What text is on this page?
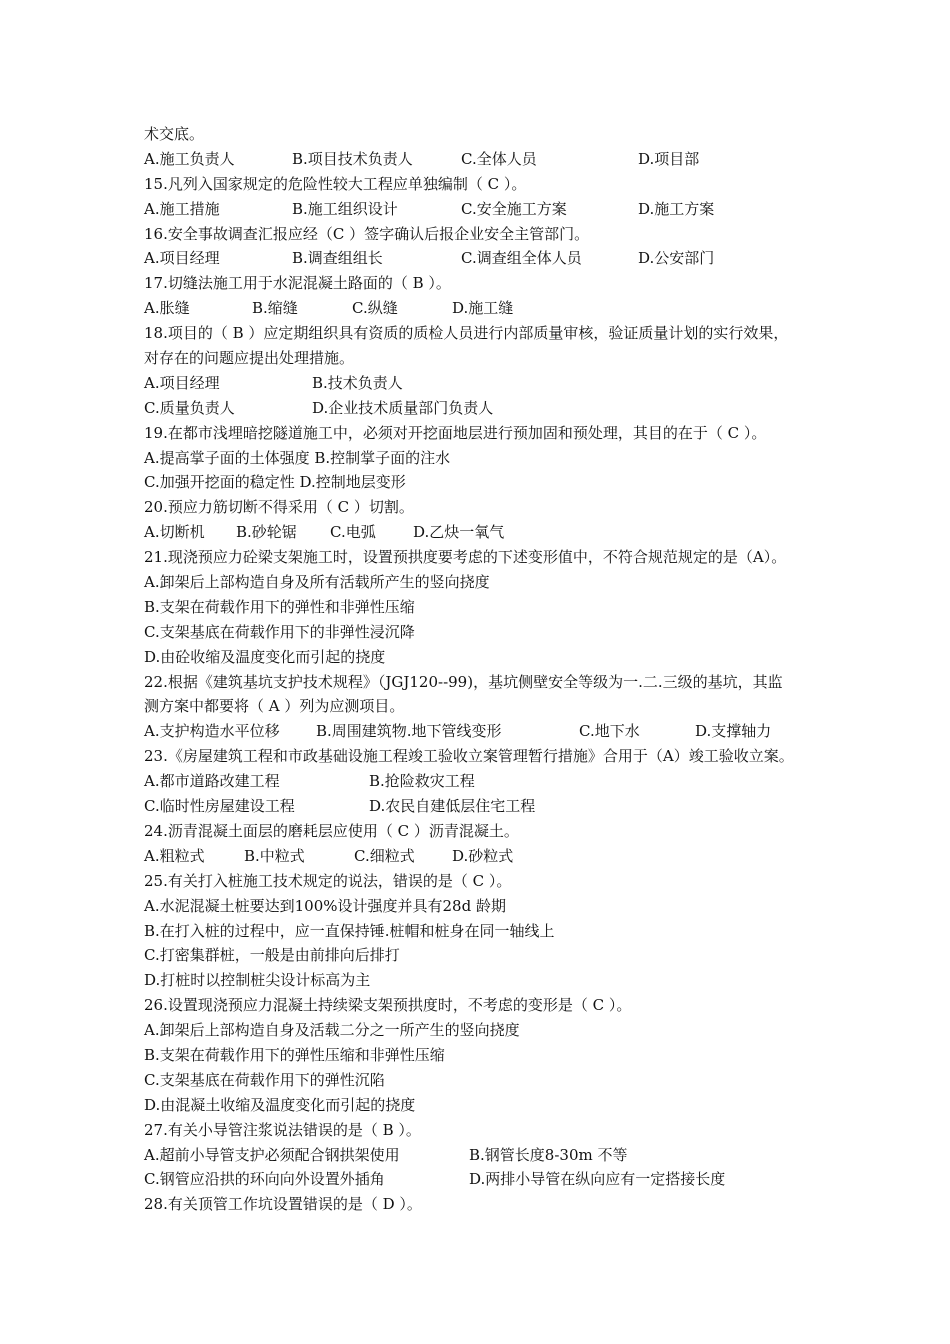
术交底。
A.施工负责人	B.项目技术负责人	C.全体人员	D.项目部
15.凡列入国家规定的危险性较大工程应单独编制（ C ）。
A.施工措施	B.施工组织设计	C.安全施工方案	D.施工方案
16.安全事故调查汇报应经（C ）签字确认后报企业安全主管部门。
A.项目经理	B.调查组组长	C.调查组全体人员	D.公安部门
17.切缝法施工用于水泥混凝土路面的（ B ）。
A.胀缝	B.缩缝	C.纵缝	D.施工缝
18.项目的（ B ）应定期组织具有资质的质检人员进行内部质量审核，验证质量计划的实行效果，
对存在的问题应提出处理措施。
A.项目经理	B.技术负责人
C.质量负责人	D.企业技术质量部门负责人
19.在都市浅埋暗挖隧道施工中，必须对开挖面地层进行预加固和预处理，其目的在于（ C ）。
A.提高掌子面的土体强度 B.控制掌子面的注水
C.加强开挖面的稳定性 D.控制地层变形
20.预应力筋切断不得采用（ C ）切割。
A.切断机 B.砂轮锯 C.电弧 D.乙炔一氧气
21.现浇预应力砼梁支架施工时，设置预拱度要考虑的下述变形值中，不符合规范规定的是（A）。
A.卸架后上部构造自身及所有活载所产生的竖向挠度
B.支架在荷载作用下的弹性和非弹性压缩
C.支架基底在荷载作用下的非弹性浸沉降
D.由砼收缩及温度变化而引起的挠度
22.根据《建筑基坑支护技术规程》（JGJ120--99)，基坑侧壁安全等级为一.二.三级的基坑，其监
测方案中都要将（ A ）列为应测项目。
A.支护构造水平位移 B.周围建筑物.地下管线变形	C.地下水	D.支撑轴力
23.《房屋建筑工程和市政基础设施工程竣工验收立案管理暂行措施》合用于（A）竣工验收立案。
A.都市道路改建工程	B.抢险救灾工程
C.临时性房屋建设工程	D.农民自建低层住宅工程
24.沥青混凝土面层的磨耗层应使用（ C ）沥青混凝土。
A.粗粒式	B.中粒式	C.细粒式 D.砂粒式
25.有关打入桩施工技术规定的说法，错误的是（ C ）。
A.水泥混凝土桩要达到100%设计强度并具有28d 龄期
B.在打入桩的过程中，应一直保持锤.桩帽和桩身在同一轴线上
C.打密集群桩，一般是由前排向后排打
D.打桩时以控制桩尖设计标高为主
26.设置现浇预应力混凝土持续梁支架预拱度时，不考虑的变形是（ C ）。
A.卸架后上部构造自身及活载二分之一所产生的竖向挠度
B.支架在荷载作用下的弹性压缩和非弹性压缩
C.支架基底在荷载作用下的弹性沉陷
D.由混凝土收缩及温度变化而引起的挠度
27.有关小导管注浆说法错误的是（ B ）。
A.超前小导管支护必须配合钢拱架使用	B.钢管长度8-30m 不等
C.钢管应沿拱的环向向外设置外插角	D.两排小导管在纵向应有一定搭接长度
28.有关顶管工作坑设置错误的是（ D ）。
